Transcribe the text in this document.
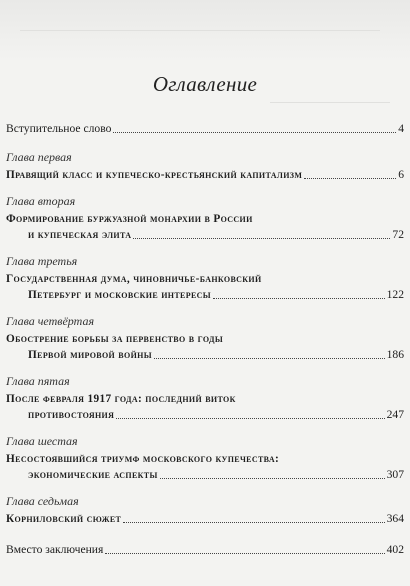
Оглавление
Вступительное слово	4
Глава первая
Правящий класс и купеческо-крестьянский капитализм	6
Глава вторая
Формирование буржуазной монархии в России
и купеческая элита	72
Глава третья
Государственная дума, чиновничье-банковский
Петербург и московские интересы	122
Глава четвёртая
Обострение борьбы за первенство в годы
Первой мировой войны	186
Глава пятая
После февраля 1917 года: последний виток
противостояния	247
Глава шестая
Несостоявшийся триумф московского купечества:
экономические аспекты	307
Глава седьмая
Корниловский сюжет	364
Вместо заключения	402
